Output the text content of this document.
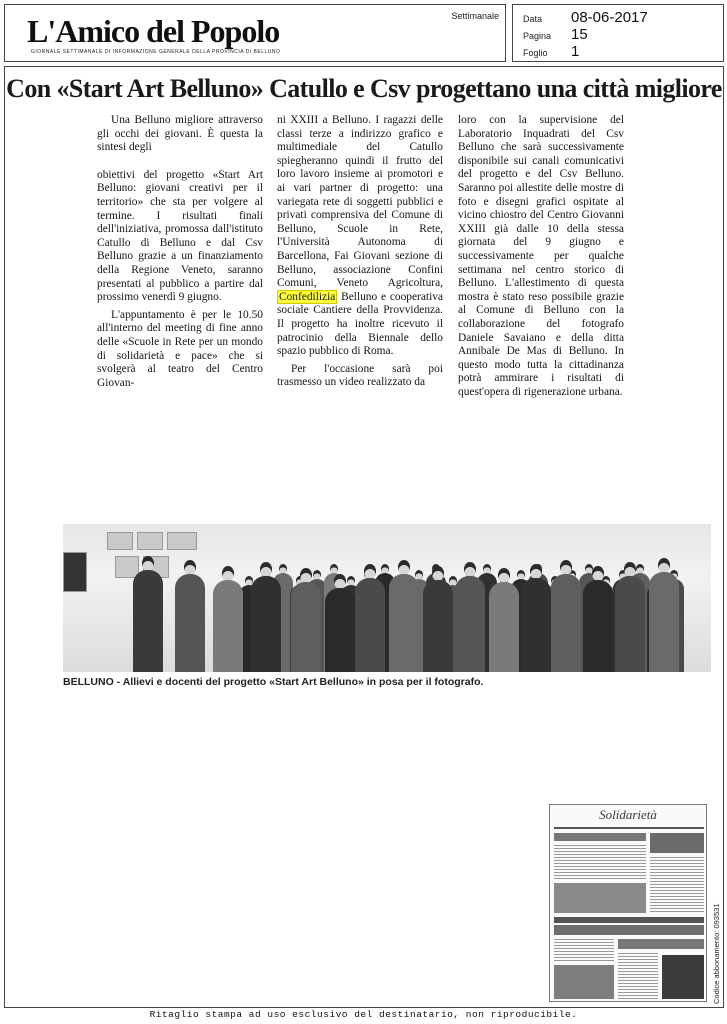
L'Amico del Popolo
GIORNALE SETTIMANALE DI INFORMAZIONE GENERALE DELLA PROVINCIA DI BELLUNO
Settimanale	Data	08-06-2017
Pagina	15
Foglio	1
Con «Start Art Belluno» Catullo e Csv progettano una città migliore

Una Belluno migliore attraverso gli occhi dei giovani. È questa la sintesi degli

obiettivi del progetto «Start Art Belluno: giovani creativi per il territorio» che sta per volgere al termine. I risultati finali dell'iniziativa, promossa dall'istituto Catullo di Belluno e dal Csv Belluno grazie a un finanziamento della Regione Veneto, saranno presentati al pubblico a partire dal prossimo venerdì 9 giugno.

L'appuntamento è per le 10.50 all'interno del meeting di fine anno delle «Scuole in Rete per un mondo di solidarietà e pace» che si svolgerà al teatro del Centro Giovan-

ni XXIII a Belluno. I ragazzi delle classi terze a indirizzo grafico e multimediale del Catullo spiegheranno quindi il frutto del loro lavoro insieme ai promotori e ai vari partner di progetto: una variegata rete di soggetti pubblici e privati comprensiva del Comune di Belluno, Scuole in Rete, l'Università Autonoma di Barcellona, Fai Giovani sezione di Belluno, associazione Confini Comuni, Veneto Agricoltura, Confedilizia Belluno e cooperativa sociale Cantiere della Provvidenza. Il progetto ha inoltre ricevuto il patrocinio della Biennale dello spazio pubblico di Roma.

Per l'occasione sarà poi trasmesso un video realizzato da

loro con la supervisione del Laboratorio Inquadrati del Csv Belluno che sarà successivamente disponibile sui canali comunicativi del progetto e del Csv Belluno. Saranno poi allestite delle mostre di foto e disegni grafici ospitate al vicino chiostro del Centro Giovanni XXIII già dalle 10 della stessa giornata del 9 giugno e successivamente per qualche settimana nel centro storico di Belluno. L'allestimento di questa mostra è stato reso possibile grazie al Comune di Belluno con la collaborazione del fotografo Daniele Savaiano e della ditta Annibale De Mas di Belluno. In questo modo tutta la cittadinanza potrà ammirare i risultati di quest'opera di rigenerazione urbana.

BELLUNO - Allievi e docenti del progetto «Start Art Belluno» in posa per il fotografo.
Solidarietà
Codice abbonamento: 093531
Ritaglio stampa ad uso esclusivo del destinatario, non riproducibile.
